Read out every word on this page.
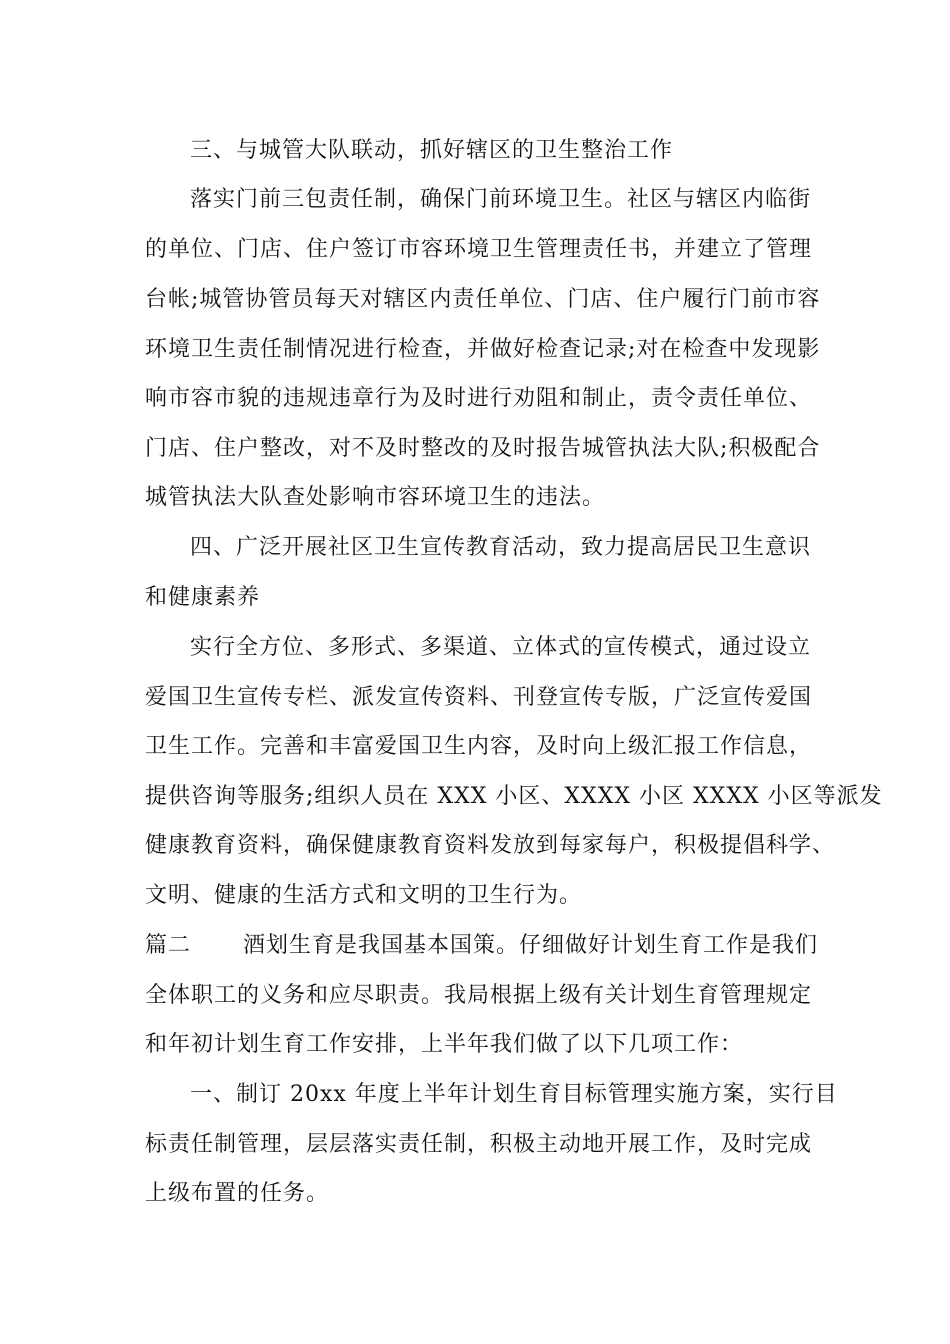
三、与城管大队联动，抓好辖区的卫生整治工作
落实门前三包责任制，确保门前环境卫生。社区与辖区内临街
的单位、门店、住户签订市容环境卫生管理责任书，并建立了管理
台帐;城管协管员每天对辖区内责任单位、门店、住户履行门前市容
环境卫生责任制情况进行检查，并做好检查记录;对在检查中发现影
响市容市貌的违规违章行为及时进行劝阻和制止，责令责任单位、
门店、住户整改，对不及时整改的及时报告城管执法大队;积极配合
城管执法大队查处影响市容环境卫生的违法。
四、广泛开展社区卫生宣传教育活动，致力提高居民卫生意识
和健康素养
实行全方位、多形式、多渠道、立体式的宣传模式，通过设立
爱国卫生宣传专栏、派发宣传资料、刊登宣传专版，广泛宣传爱国
卫生工作。完善和丰富爱国卫生内容，及时向上级汇报工作信息，
提供咨询等服务;组织人员在 XXX 小区、XXXX 小区 XXXX 小区等派发
健康教育资料，确保健康教育资料发放到每家每户，积极提倡科学、
文明、健康的生活方式和文明的卫生行为。
篇二 酒划生育是我国基本国策。仔细做好计划生育工作是我们
全体职工的义务和应尽职责。我局根据上级有关计划生育管理规定
和年初计划生育工作安排，上半年我们做了以下几项工作：
一、制订 20xx 年度上半年计划生育目标管理实施方案，实行目
标责任制管理，层层落实责任制，积极主动地开展工作，及时完成
上级布置的任务。
